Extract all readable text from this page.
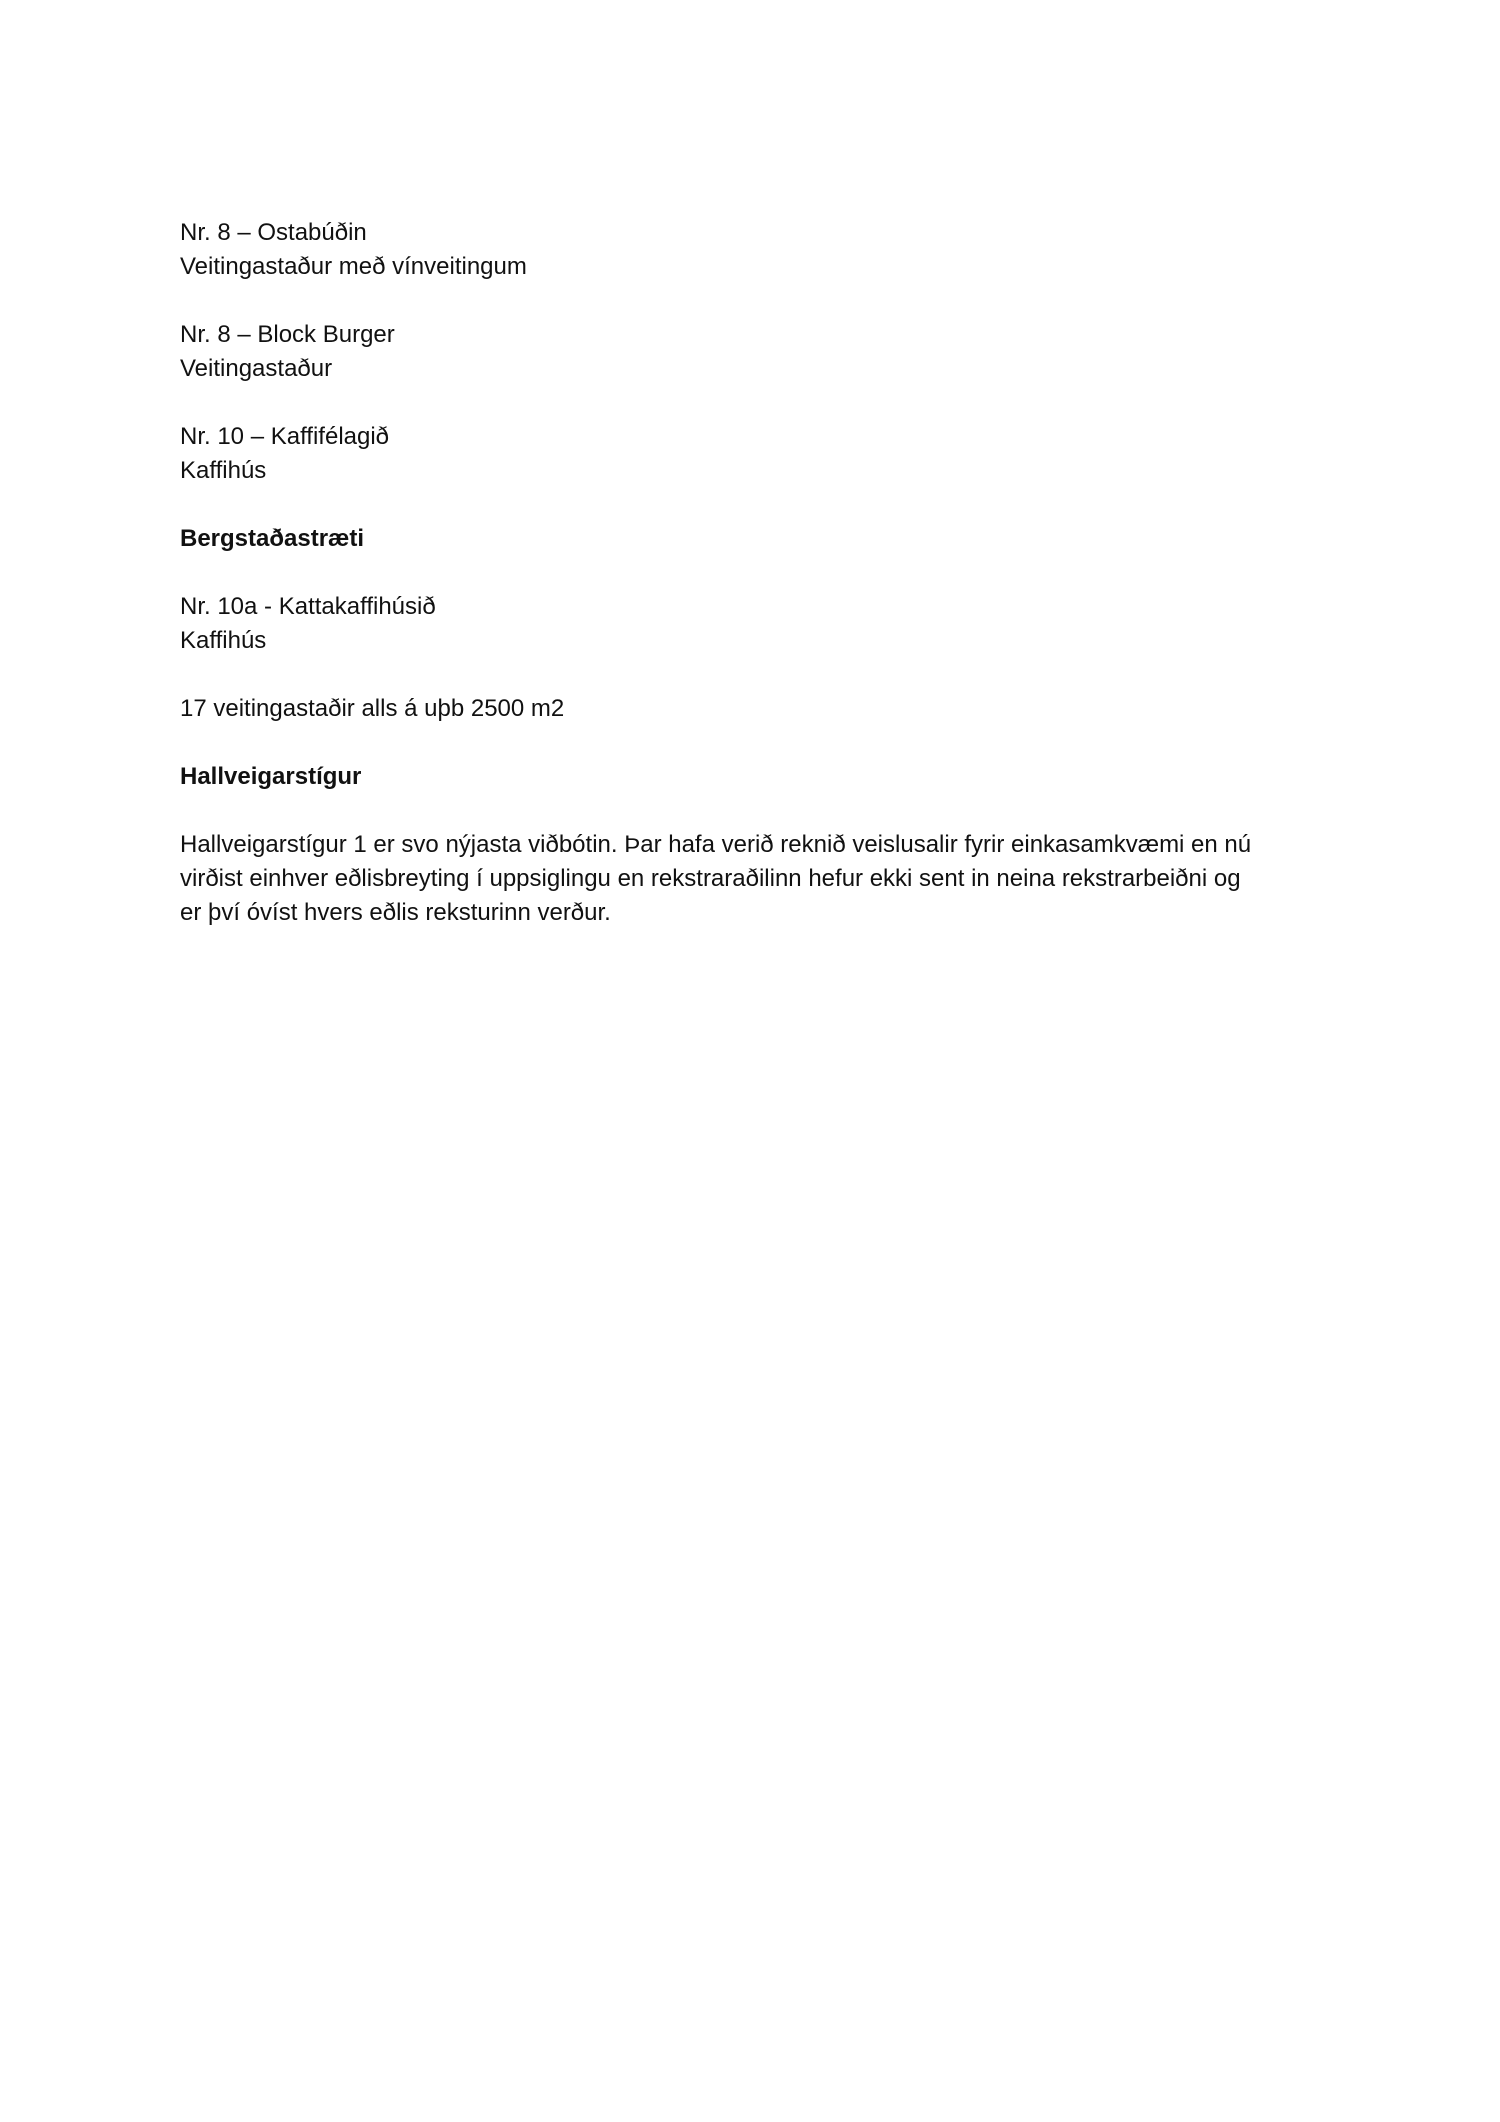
Nr. 8 – Ostabúðin
Veitingastaður með vínveitingum
Nr. 8 – Block Burger
Veitingastaður
Nr. 10 – Kaffifélagið
Kaffihús
Bergstaðastræti
Nr. 10a - Kattakaffihúsið
Kaffihús
17 veitingastaðir alls á uþb 2500 m2
Hallveigarstígur
Hallveigarstígur 1 er svo nýjasta viðbótin. Þar hafa verið reknið veislusalir fyrir einkasamkvæmi en nú
virðist einhver eðlisbreyting í uppsiglingu en rekstraraðilinn hefur ekki sent in neina rekstrarbeiðni og
er því óvíst hvers eðlis reksturinn verður.
